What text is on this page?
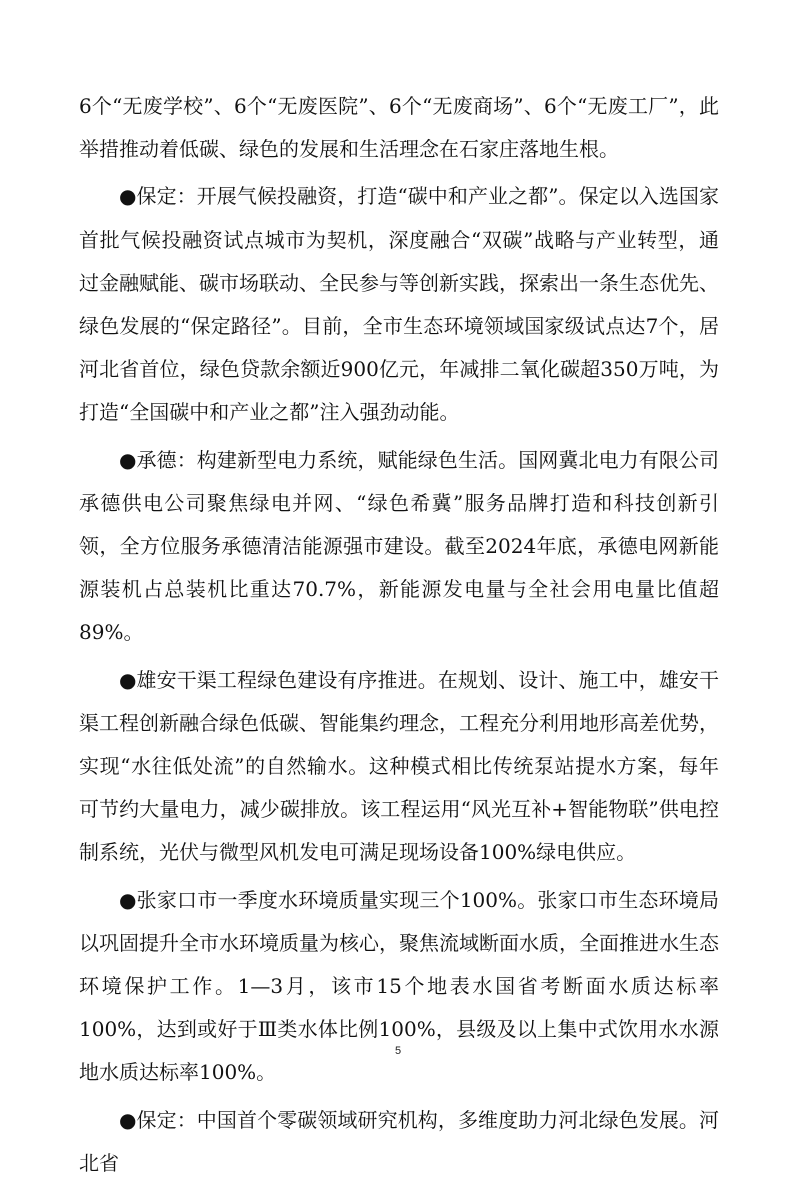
6个“无废学校”、6个“无废医院”、6个“无废商场”、6个“无废工厂”，此举措推动着低碳、绿色的发展和生活理念在石家庄落地生根。

●保定：开展气候投融资，打造“碳中和产业之都”。保定以入选国家首批气候投融资试点城市为契机，深度融合“双碳”战略与产业转型，通过金融赋能、碳市场联动、全民参与等创新实践，探索出一条生态优先、绿色发展的“保定路径”。目前，全市生态环境领域国家级试点达7个，居河北省首位，绿色贷款余额近900亿元，年减排二氧化碳超350万吨，为打造“全国碳中和产业之都”注入强劲动能。

●承德：构建新型电力系统，赋能绿色生活。国网冀北电力有限公司承德供电公司聚焦绿电并网、“绿色希冀”服务品牌打造和科技创新引领，全方位服务承德清洁能源强市建设。截至2024年底，承德电网新能源装机占总装机比重达70.7%，新能源发电量与全社会用电量比值超89%。

●雄安干渠工程绿色建设有序推进。在规划、设计、施工中，雄安干渠工程创新融合绿色低碳、智能集约理念，工程充分利用地形高差优势，实现“水往低处流”的自然输水。这种模式相比传统泵站提水方案，每年可节约大量电力，减少碳排放。该工程运用“风光互补+智能物联”供电控制系统，光伏与微型风机发电可满足现场设备100%绿电供应。

●张家口市一季度水环境质量实现三个100%。张家口市生态环境局以巩固提升全市水环境质量为核心，聚焦流域断面水质，全面推进水生态环境保护工作。1—3月，该市15个地表水国省考断面水质达标率100%，达到或好于Ⅲ类水体比例100%，县级及以上集中式饮用水水源地水质达标率100%。

●保定：中国首个零碳领域研究机构，多维度助力河北绿色发展。河北省

5
